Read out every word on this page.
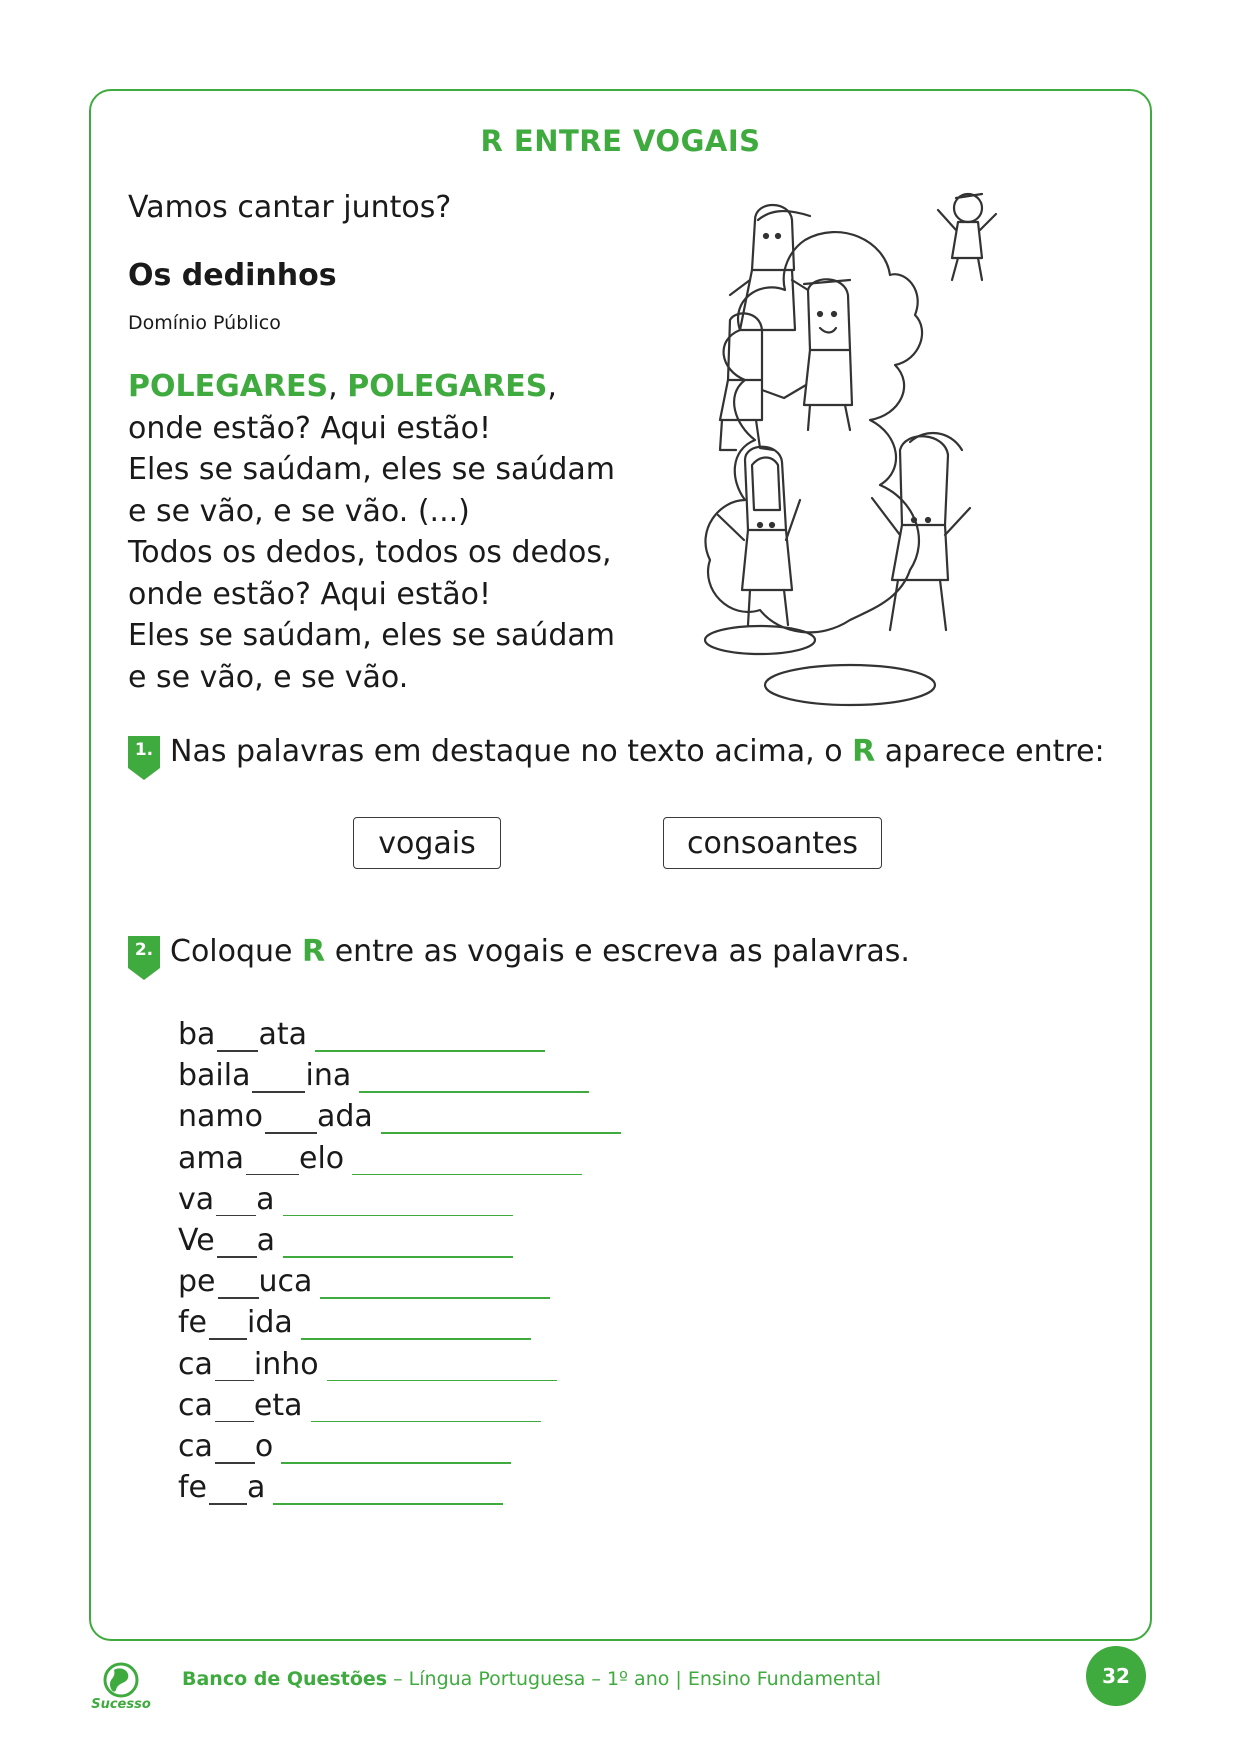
R ENTRE VOGAIS
Vamos cantar juntos?
Os dedinhos
Domínio Público
POLEGARES, POLEGARES,
onde estão? Aqui estão!
Eles se saúdam, eles se saúdam
e se vão, e se vão. (...)
Todos os dedos, todos os dedos,
onde estão? Aqui estão!
Eles se saúdam, eles se saúdam
e se vão, e se vão.
1. Nas palavras em destaque no texto acima, o R aparece entre:
vogais	consoantes
2. Coloque R entre as vogais e escreva as palavras.
ba ata
baila ina
namo ada
ama elo
va a
Ve a
pe uca
fe ida
ca inho
ca eta
ca o
fe a
Sucesso
Banco de Questões – Língua Portuguesa – 1º ano | Ensino Fundamental	32
